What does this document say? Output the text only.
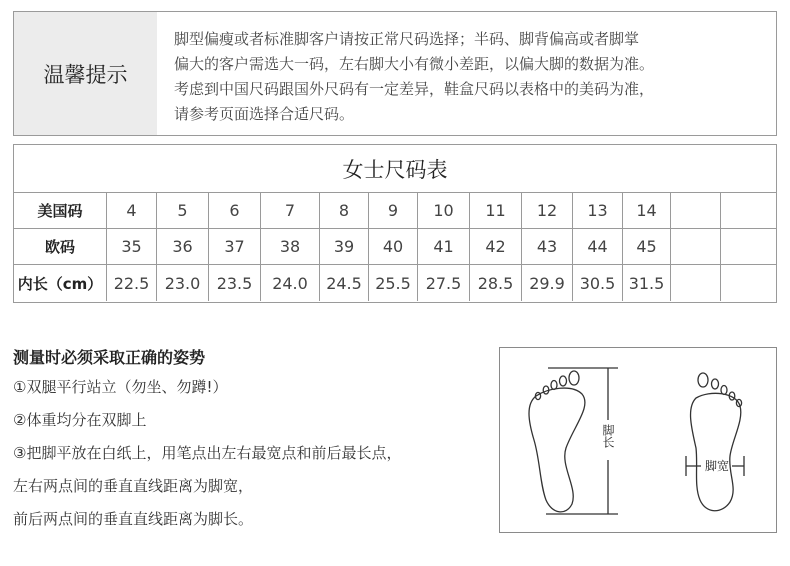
温馨提示
脚型偏瘦或者标准脚客户请按正常尺码选择；半码、脚背偏高或者脚掌
偏大的客户需选大一码，左右脚大小有微小差距，以偏大脚的数据为准。
考虑到中国尺码跟国外尺码有一定差异，鞋盒尺码以表格中的美码为准，
请参考页面选择合适尺码。
女士尺码表
美国码	4	5	6	7	8	9	10	11	12	13	14
欧码	35	36	37	38	39	40	41	42	43	44	45
内长（cm） 22.5 23.0	23.5	24.0	24.5 25.5 27.5	28.5 29.9 30.5 31.5
测量时必须采取正确的姿势
①双腿平行站立（勿坐、勿蹲!）
②体重均分在双脚上
③把脚平放在白纸上，用笔点出左右最宽点和前后最长点，
左右两点间的垂直直线距离为脚宽，
前后两点间的垂直直线距离为脚长。
脚长
脚宽
